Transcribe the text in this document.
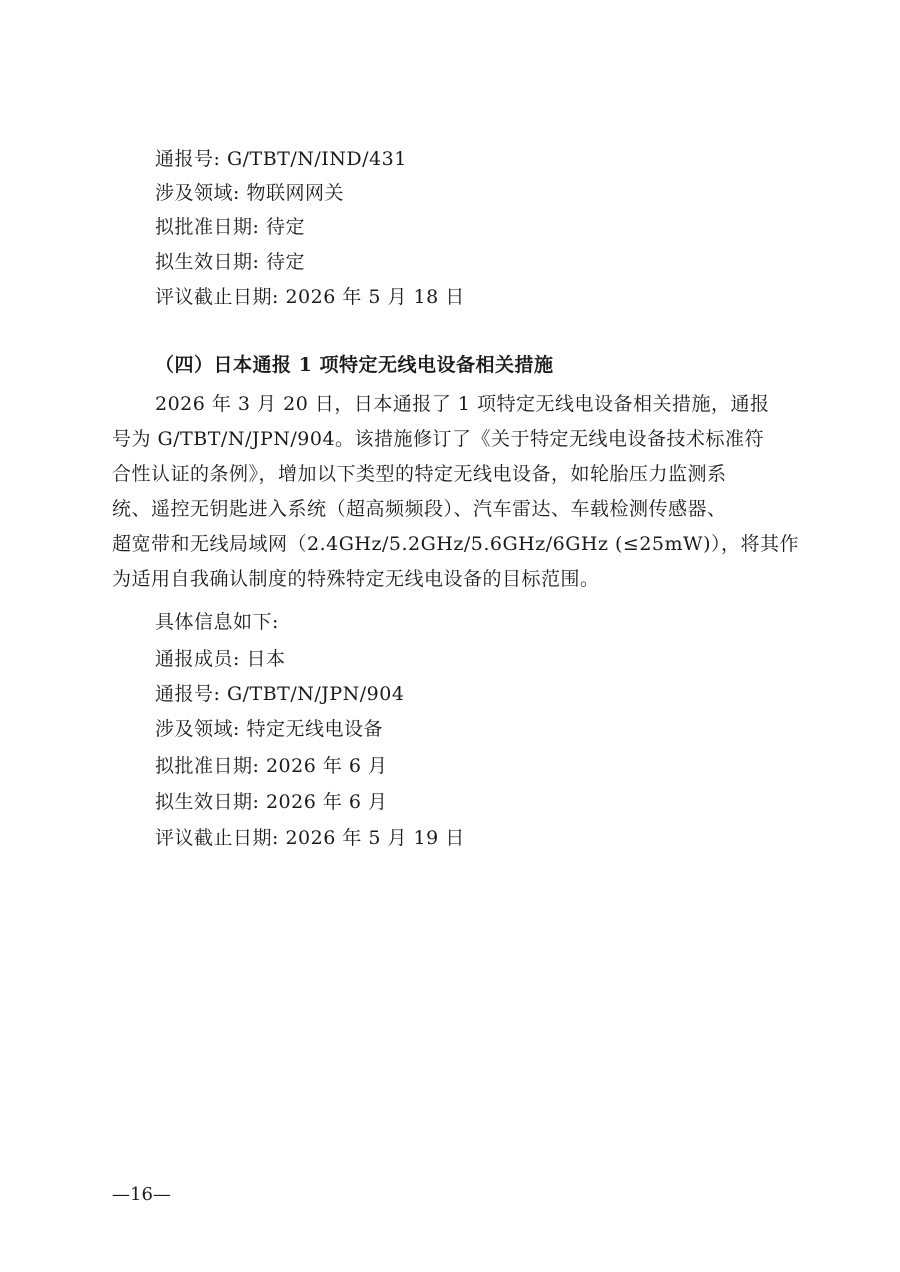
通报号: G/TBT/N/IND/431
涉及领域: 物联网网关
拟批准日期: 待定
拟生效日期: 待定
评议截止日期: 2026 年 5 月 18 日
（四）日本通报 1 项特定无线电设备相关措施
2026 年 3 月 20 日，日本通报了 1 项特定无线电设备相关措施，通报
号为 G/TBT/N/JPN/904。该措施修订了《关于特定无线电设备技术标准符
合性认证的条例》，增加以下类型的特定无线电设备，如轮胎压力监测系
统、遥控无钥匙进入系统（超高频频段）、汽车雷达、车载检测传感器、
超宽带和无线局域网（2.4GHz/5.2GHz/5.6GHz/6GHz (≤25mW)），将其作
为适用自我确认制度的特殊特定无线电设备的目标范围。
具体信息如下:
通报成员: 日本
通报号: G/TBT/N/JPN/904
涉及领域: 特定无线电设备
拟批准日期: 2026 年 6 月
拟生效日期: 2026 年 6 月
评议截止日期: 2026 年 5 月 19 日
—16—
